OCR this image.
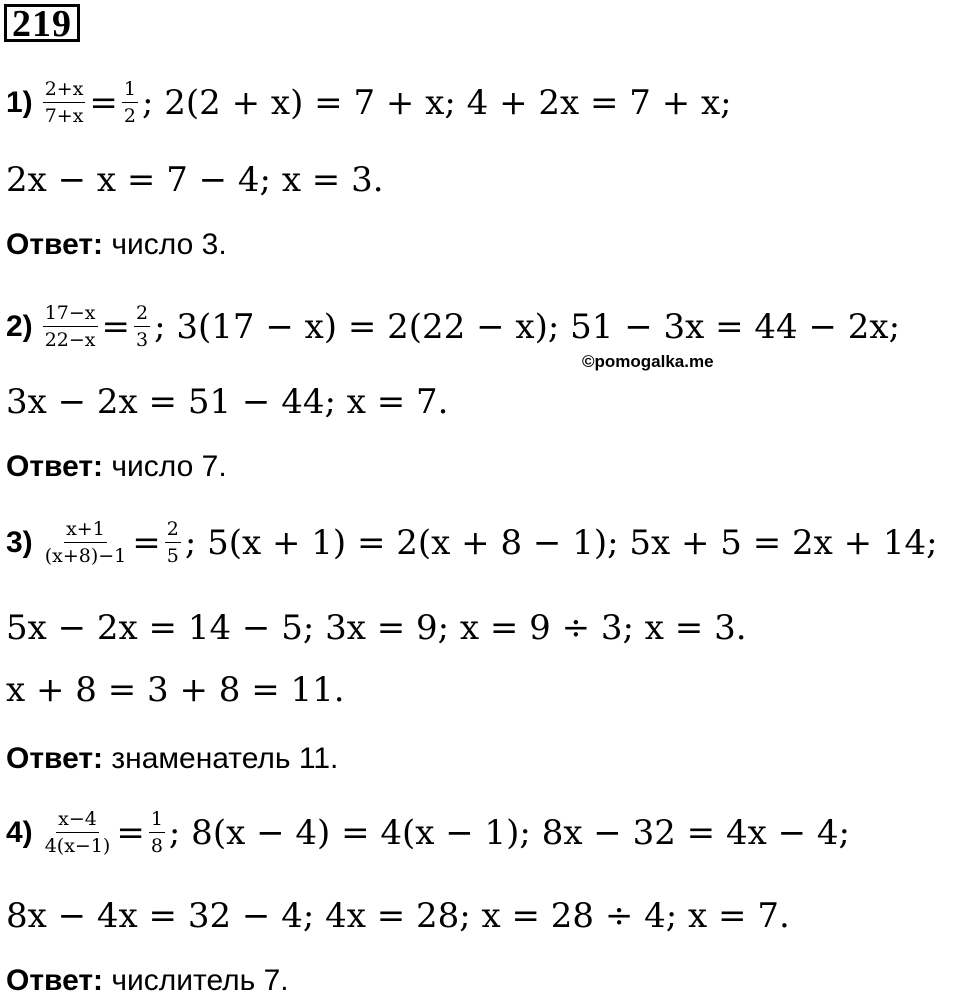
219
$1) \frac{2+x}{7+x} = \frac{1}{2}$ ; 2(2 + x) = 7 + x; 4 + 2x = 7 + x;
2x − x = 7 − 4; x = 3.
Ответ: число 3.
$2) \frac{17-x}{22-x} = \frac{2}{3}$ ; 3(17 − x) = 2(22 − x); 51 − 3x = 44 − 2x;
©pomogalka.me
3x − 2x = 51 − 44; x = 7.
Ответ: число 7.
$3) \frac{x+1}{(x+8)-1} = \frac{2}{5}$ ; 5(x + 1) = 2(x + 8 − 1); 5x + 5 = 2x + 14;
5x − 2x = 14 − 5; 3x = 9; x = 9 ÷ 3; x = 3.
x + 8 = 3 + 8 = 11.
Ответ: знаменатель 11.
$4) \frac{x-4}{4(x-1)} = \frac{1}{8}$ ; 8(x − 4) = 4(x − 1); 8x − 32 = 4x − 4;
8x − 4x = 32 − 4; 4x = 28; x = 28 ÷ 4; x = 7.
Ответ: числитель 7.
